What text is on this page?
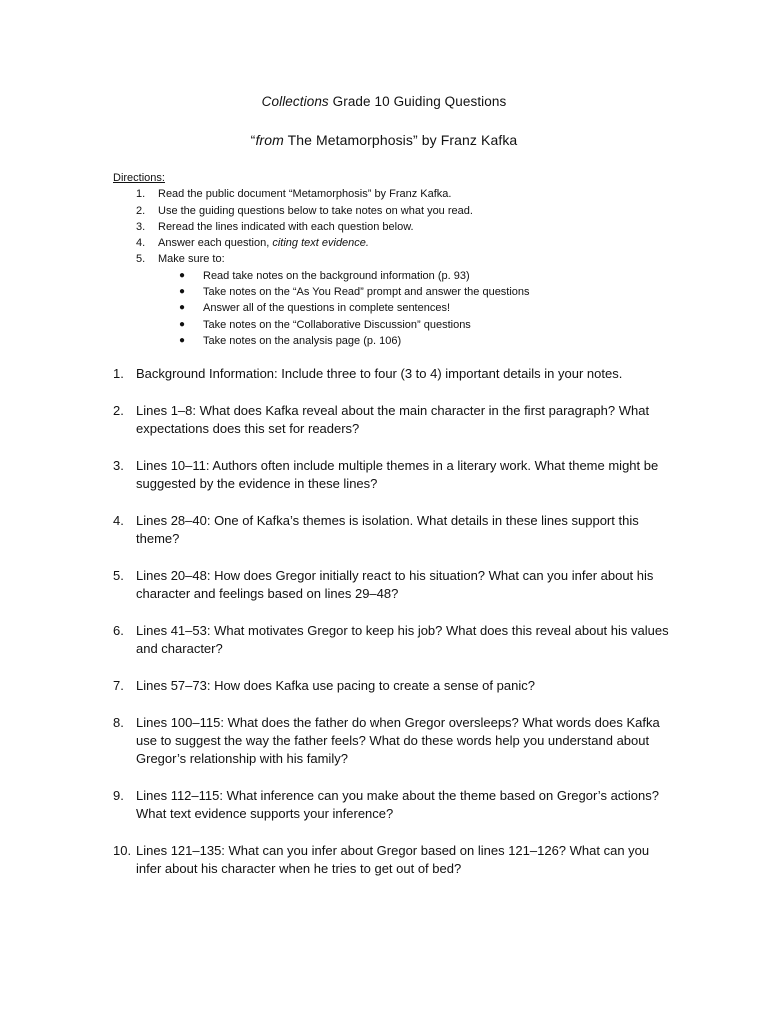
Collections Grade 10 Guiding Questions
“from The Metamorphosis” by Franz Kafka
Directions:
1.	Read the public document “Metamorphosis” by Franz Kafka.
2.	Use the guiding questions below to take notes on what you read.
3.	Reread the lines indicated with each question below.
4.	Answer each question, citing text evidence.
5.	Make sure to:
●	Read take notes on the background information (p. 93)
●	Take notes on the “As You Read” prompt and answer the questions
●	Answer all of the questions in complete sentences!
●	Take notes on the “Collaborative Discussion” questions
●	Take notes on the analysis page (p. 106)
1. Background Information: Include three to four (3 to 4) important details in your notes.
2. Lines 1–8: What does Kafka reveal about the main character in the first paragraph? What expectations does this set for readers?
3. Lines 10–11: Authors often include multiple themes in a literary work. What theme might be suggested by the evidence in these lines?
4. Lines 28–40: One of Kafka’s themes is isolation. What details in these lines support this theme?
5. Lines 20–48: How does Gregor initially react to his situation? What can you infer about his character and feelings based on lines 29–48?
6. Lines 41–53: What motivates Gregor to keep his job? What does this reveal about his values and character?
7. Lines 57–73: How does Kafka use pacing to create a sense of panic?
8. Lines 100–115: What does the father do when Gregor oversleeps? What words does Kafka use to suggest the way the father feels? What do these words help you understand about Gregor’s relationship with his family?
9. Lines 112–115: What inference can you make about the theme based on Gregor’s actions? What text evidence supports your inference?
10. Lines 121–135: What can you infer about Gregor based on lines 121–126? What can you infer about his character when he tries to get out of bed?
